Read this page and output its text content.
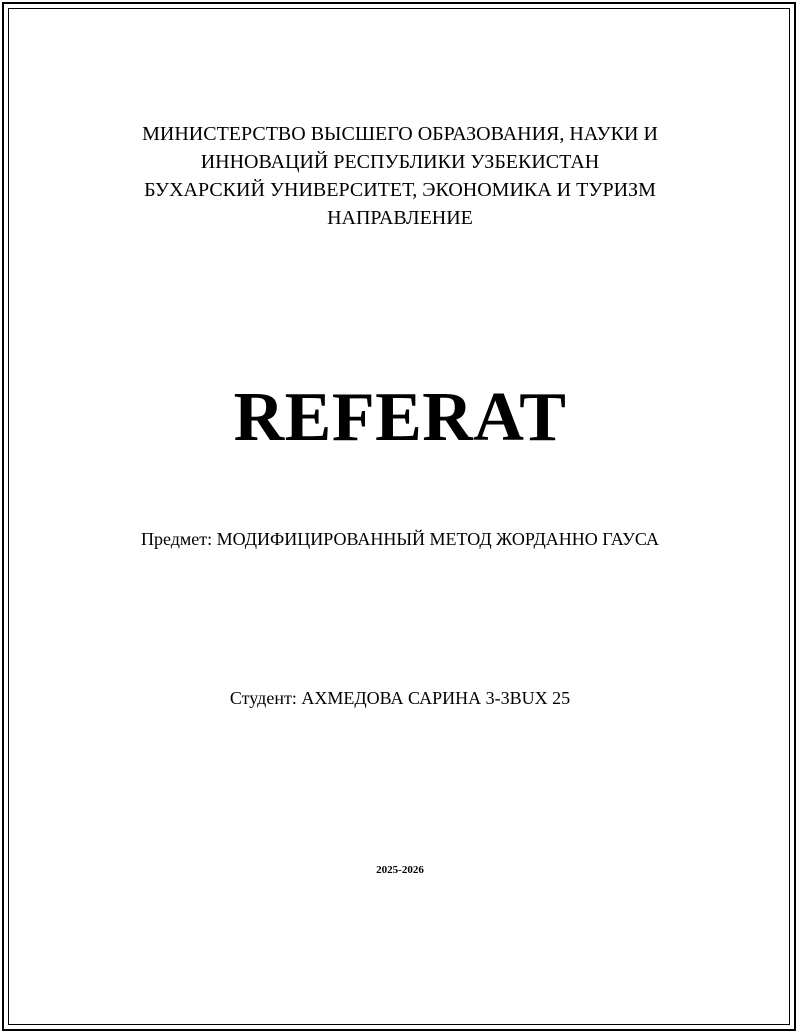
МИНИСТЕРСТВО ВЫСШЕГО ОБРАЗОВАНИЯ, НАУКИ И
ИННОВАЦИЙ РЕСПУБЛИКИ УЗБЕКИСТАН
БУХАРСКИЙ УНИВЕРСИТЕТ, ЭКОНОМИКА И ТУРИЗМ
НАПРАВЛЕНИЕ
REFERAT
Предмет: МОДИФИЦИРОВАННЫЙ МЕТОД ЖОРДАННО ГАУСА
Студент: АХМЕДОВА САРИНА 3-3BUX 25
2025-2026
